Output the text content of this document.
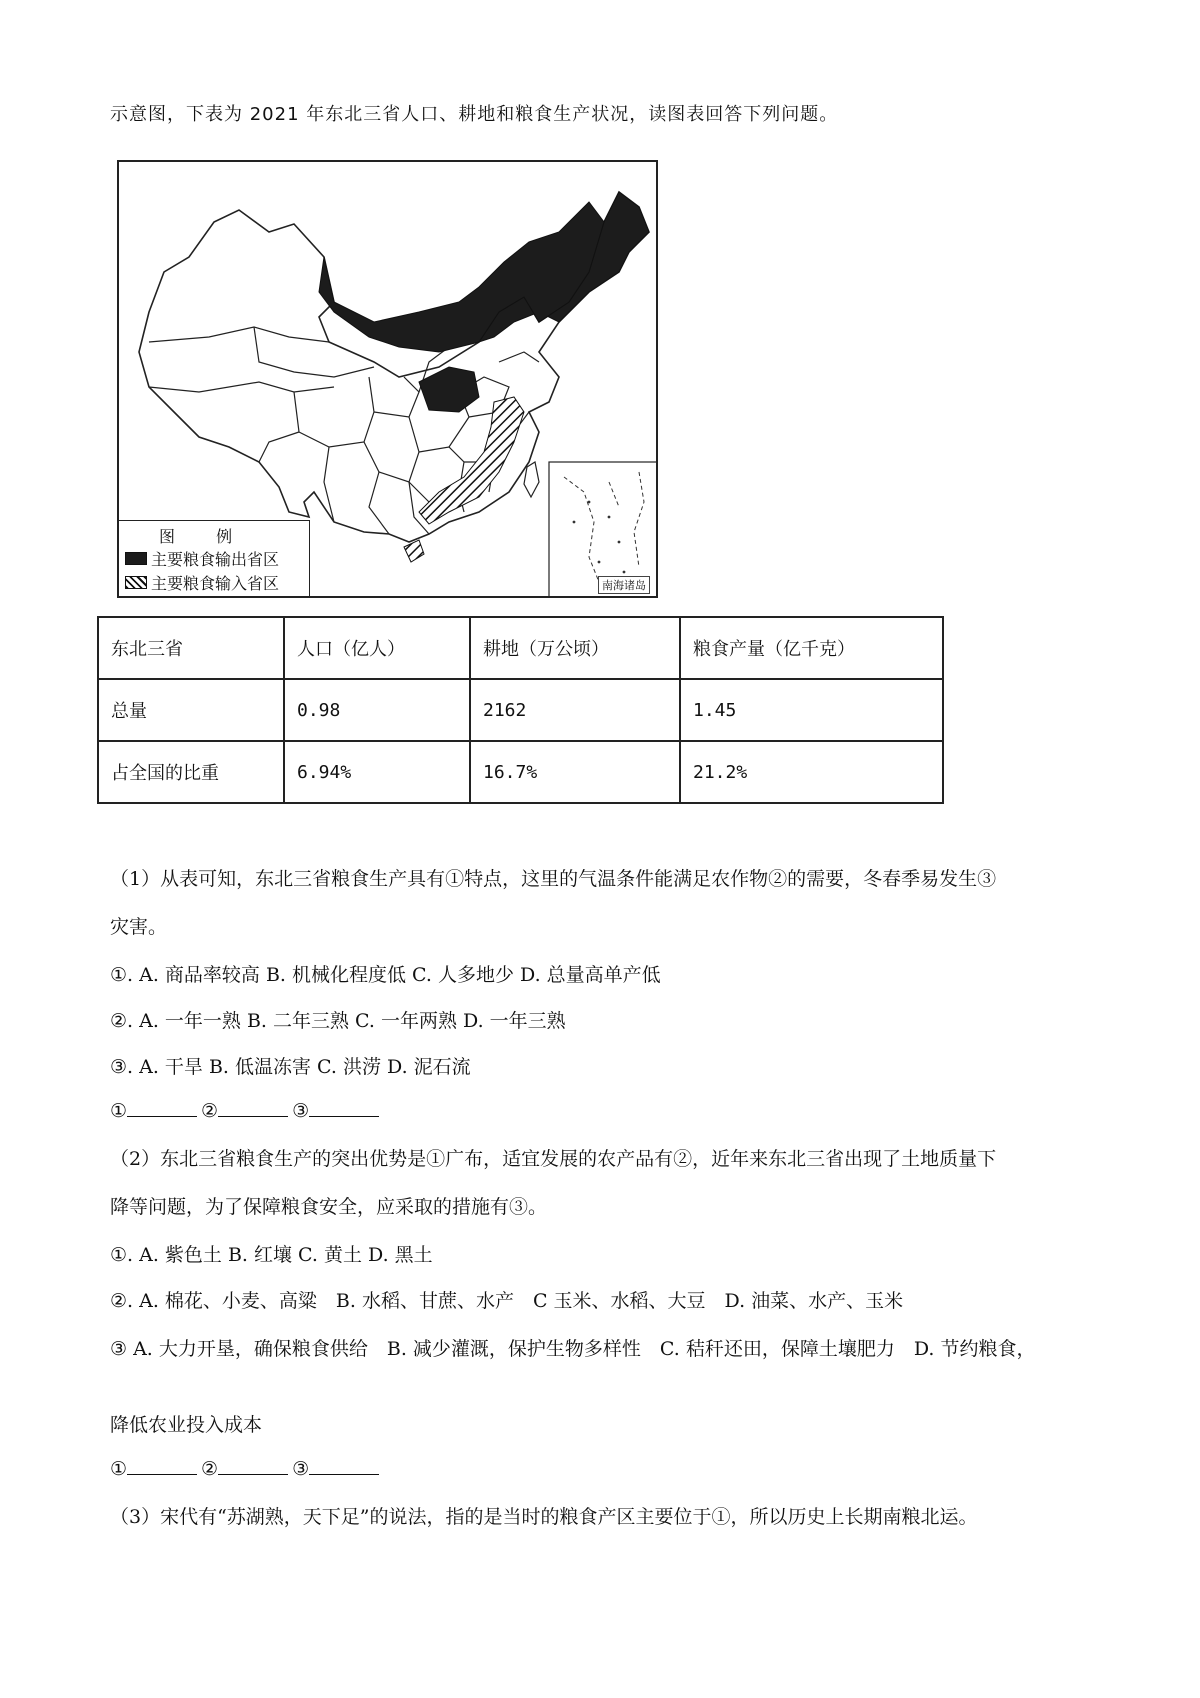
示意图，下表为 2021 年东北三省人口、耕地和粮食生产状况，读图表回答下列问题。
南海诸岛
图 例
主要粮食输出省区
主要粮食输入省区
东北三省	人口（亿人）	耕地（万公顷）	粮食产量（亿千克）
总量	0.98	2162	1.45
占全国的比重	6.94%	16.7%	21.2%
（1）从表可知，东北三省粮食生产具有①特点，这里的气温条件能满足农作物②的需要，冬春季易发生③
灾害。
①. A. 商品率较高 B. 机械化程度低 C. 人多地少 D. 总量高单产低
②. A. 一年一熟 B. 二年三熟 C. 一年两熟 D. 一年三熟
③. A. 干旱 B. 低温冻害 C. 洪涝 D. 泥石流
①	②	③
（2）东北三省粮食生产的突出优势是①广布，适宜发展的农产品有②，近年来东北三省出现了土地质量下
降等问题，为了保障粮食安全，应采取的措施有③。
①. A. 紫色土 B. 红壤 C. 黄土 D. 黑土
②. A. 棉花、小麦、高粱　B. 水稻、甘蔗、水产　C 玉米、水稻、大豆　D. 油菜、水产、玉米
③ A. 大力开垦，确保粮食供给　B. 减少灌溉，保护生物多样性　C. 秸秆还田，保障土壤肥力　D. 节约粮食，
降低农业投入成本
①	②	③
（3）宋代有“苏湖熟，天下足”的说法，指的是当时的粮食产区主要位于①，所以历史上长期南粮北运。
